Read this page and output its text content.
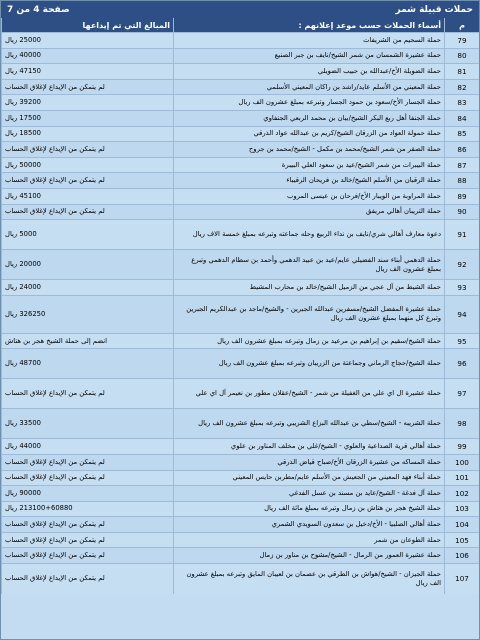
حملات قبيلة شمر
صفحة 4 من 7
م	أسماء الحملات حسب موعد إعلانهم :	المبالغ التي تم إيداعها
79	حملة السحيم من الشريفات	25000 ريال
80	حملة عشيرة الشمسان من شمر الشيخ/نايف بن جبر الصنيع	40000 ريال
81	حملة الضويلة الأخ/عبدالله بن حبيب الضويلي	47150 ريال
82	حملة المعيني من الأسلم عايد/راشد بن راكان المعيني الأسلمي	لم يتمكن من الإيداع لإغلاق الحساب
83	حملة الجسار الأخ/سعود بن حمود الجسار وتبرعه بمبلغ عشرون الف ريال	39200 ريال
84	حملة الجنفا أهل ربع البكر الشيخ/بيان بن محمد الربعي الجنفاوي	17500 ريال
85	حملة حمولة العواد من الزرقان الشيخ/كريم بن عبدالله عواد الذرقي	18500 ريال
86	حملة الصقر من شمر الشيخ/محمد بن مكمل - الشيخ/محمد بن جروح	لم يتمكن من الإيداع لإغلاق الحساب
87	حملة البيبرات من شمر الشيخ/عيد بن سعود العلي البيبرة	50000 ريال
88	حملة الرقبان من الأسلم الشيخ/خالد بن فريحان الرقيباء	لم يتمكن من الإيداع لإغلاق الحساب
89	حملة المراوبة من الويبار الأخ/فرحان بن عيسى المروب	45100 ريال
90	حملة التريبان أهالي مريفق	لم يتمكن من الإيداع لإغلاق الحساب
91	دعوة معارف أهالي شري/نايف بن نداء الربيع وحله جماعته وتبرعه بمبلغ خمسة الاف ريال	5000 ريال
92	حملة الدهمي أبناء سند الفضيلي عايم/عيد بن عبيد الدهمي وأحمد بن سطام الدهمي وتبرع بمبلغ عشرون الف ريال	20000 ريال
93	حملة الشيط من آل عجي من الزميل الشيخ/خالد بن محارب المشيط	24000 ريال
94	حملة عشيرة المفضل الشيخ/مسفرين عبدالله الجبرين - والشيخ/ماجد بن عبدالكريم الجبرين وتبرع كل منهما بمبلغ عشرون الف ريال	326250 ريال
95	حملة الشيخ/سقيم بن إبراهيم بن مرعيد بن زمال وتبرعه بمبلغ عشرون الف ريال	انضم إلى حملة الشيخ هجر بن هتاش
96	حملة الشيخ/حجاج الرماني وجماعتة من الزريبان وتبرعه بمبلغ عشرون الف ريال	48700 ريال
97	حملة عشيرة ال اي علي من الغفيلة من شمر - الشيخ/عقلان مطور بن نعيمر آل اي علي	لم يتمكن من الإيداع لإغلاق الحساب
98	حملة الشريبه - الشيخ/سطي بن عبدالله البزاع الشريبي وتبرعه بمبلغ عشرون الف ريال	33500 ريال
99	حملة أهالي قرية الصداعية والعلوي - الشيخ/غلي بن مخلف المناور بن علوي	44000 ريال
100	حملة المساكه من عشيرة الزرقان الأخ/صباح قياض الذرقي	لم يتمكن من الإيداع لإغلاق الحساب
101	حملة أبناء فهد المعيني من الجعيش من الأسلم عايم/مطربن حايس المعيني	لم يتمكن من الإيداع لإغلاق الحساب
102	حملة آل فدغة - الشيخ/عايد بن مسند بن عسل الفدغي	90000 ريال
103	حملة الشيخ هجر بن هتاش بن زمال وتبرعه بمبلغ مائة الف ريال	213100+60880 ريال
104	حملة أهالي الصلبيا - الأخ/دخيل بن سعدون السويدي الشمري	لم يتمكن من الإيداع لإغلاق الحساب
105	حملة الطوعان من شمر	لم يتمكن من الإيداع لإغلاق الحساب
106	حملة عشيرة العمور من الرمال - الشيخ/مشوح بن مناور بن زمال	لم يتمكن من الإيداع لإغلاق الحساب
107	حملة الجيزان - الشيخ/هواش بن الطرقي بن عصمان بن لعيبان المايق وتبرعه بمبلغ عشرون الف ريال	لم يتمكن من الإيداع لإغلاق الحساب
